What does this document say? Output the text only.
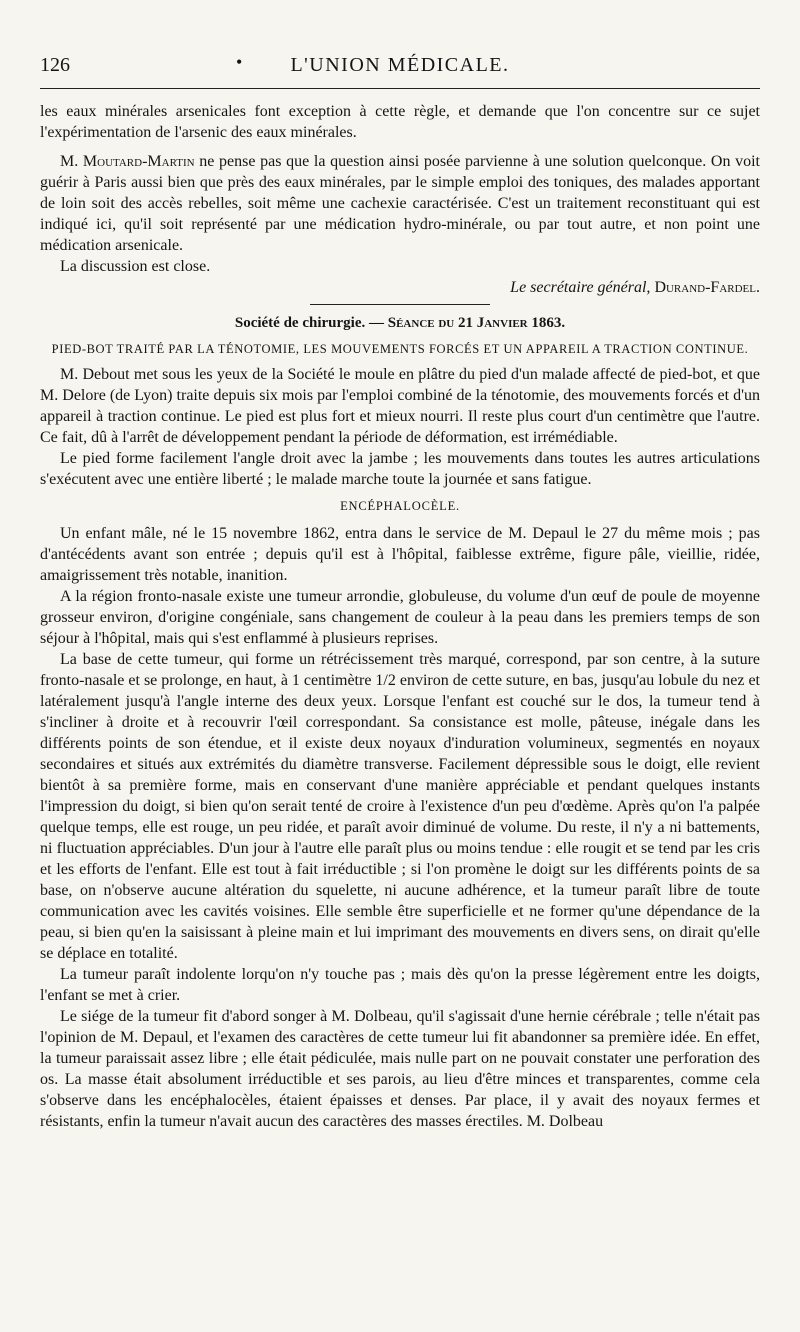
126	•	L'UNION MÉDICALE.

les eaux minérales arsenicales font exception à cette règle, et demande que l'on concentre sur ce sujet l'expérimentation de l'arsenic des eaux minérales.

M. Moutard-Martin ne pense pas que la question ainsi posée parvienne à une solution quelconque. On voit guérir à Paris aussi bien que près des eaux minérales, par le simple emploi des toniques, des malades apportant de loin soit des accès rebelles, soit même une cachexie caractérisée. C'est un traitement reconstituant qui est indiqué ici, qu'il soit représenté par une médication hydro-minérale, ou par tout autre, et non point une médication arsenicale.

La discussion est close.

Le secrétaire général, Durand-Fardel.
Société de chirurgie. — Séance du 21 Janvier 1863.
PIED-BOT TRAITÉ PAR LA TÉNOTOMIE, LES MOUVEMENTS FORCÉS ET UN APPAREIL A TRACTION CONTINUE.

M. Debout met sous les yeux de la Société le moule en plâtre du pied d'un malade affecté de pied-bot, et que M. Delore (de Lyon) traite depuis six mois par l'emploi combiné de la ténotomie, des mouvements forcés et d'un appareil à traction continue. Le pied est plus fort et mieux nourri. Il reste plus court d'un centimètre que l'autre. Ce fait, dû à l'arrêt de développement pendant la période de déformation, est irrémédiable.

Le pied forme facilement l'angle droit avec la jambe ; les mouvements dans toutes les autres articulations s'exécutent avec une entière liberté ; le malade marche toute la journée et sans fatigue.

ENCÉPHALOCÈLE.

Un enfant mâle, né le 15 novembre 1862, entra dans le service de M. Depaul le 27 du même mois ; pas d'antécédents avant son entrée ; depuis qu'il est à l'hôpital, faiblesse extrême, figure pâle, vieillie, ridée, amaigrissement très notable, inanition.

A la région fronto-nasale existe une tumeur arrondie, globuleuse, du volume d'un œuf de poule de moyenne grosseur environ, d'origine congéniale, sans changement de couleur à la peau dans les premiers temps de son séjour à l'hôpital, mais qui s'est enflammé à plusieurs reprises.

La base de cette tumeur, qui forme un rétrécissement très marqué, correspond, par son centre, à la suture fronto-nasale et se prolonge, en haut, à 1 centimètre 1/2 environ de cette suture, en bas, jusqu'au lobule du nez et latéralement jusqu'à l'angle interne des deux yeux. Lorsque l'enfant est couché sur le dos, la tumeur tend à s'incliner à droite et à recouvrir l'œil correspondant. Sa consistance est molle, pâteuse, inégale dans les différents points de son étendue, et il existe deux noyaux d'induration volumineux, segmentés en noyaux secondaires et situés aux extrémités du diamètre transverse. Facilement dépressible sous le doigt, elle revient bientôt à sa première forme, mais en conservant d'une manière appréciable et pendant quelques instants l'impression du doigt, si bien qu'on serait tenté de croire à l'existence d'un peu d'œdème. Après qu'on l'a palpée quelque temps, elle est rouge, un peu ridée, et paraît avoir diminué de volume. Du reste, il n'y a ni battements, ni fluctuation appréciables. D'un jour à l'autre elle paraît plus ou moins tendue : elle rougit et se tend par les cris et les efforts de l'enfant. Elle est tout à fait irréductible ; si l'on promène le doigt sur les différents points de sa base, on n'observe aucune altération du squelette, ni aucune adhérence, et la tumeur paraît libre de toute communication avec les cavités voisines. Elle semble être superficielle et ne former qu'une dépendance de la peau, si bien qu'en la saisissant à pleine main et lui imprimant des mouvements en divers sens, on dirait qu'elle se déplace en totalité.

La tumeur paraît indolente lorqu'on n'y touche pas ; mais dès qu'on la presse légèrement entre les doigts, l'enfant se met à crier.

Le siége de la tumeur fit d'abord songer à M. Dolbeau, qu'il s'agissait d'une hernie cérébrale ; telle n'était pas l'opinion de M. Depaul, et l'examen des caractères de cette tumeur lui fit abandonner sa première idée. En effet, la tumeur paraissait assez libre ; elle était pédiculée, mais nulle part on ne pouvait constater une perforation des os. La masse était absolument irréductible et ses parois, au lieu d'être minces et transparentes, comme cela s'observe dans les encéphalocèles, étaient épaisses et denses. Par place, il y avait des noyaux fermes et résistants, enfin la tumeur n'avait aucun des caractères des masses érectiles. M. Dolbeau
